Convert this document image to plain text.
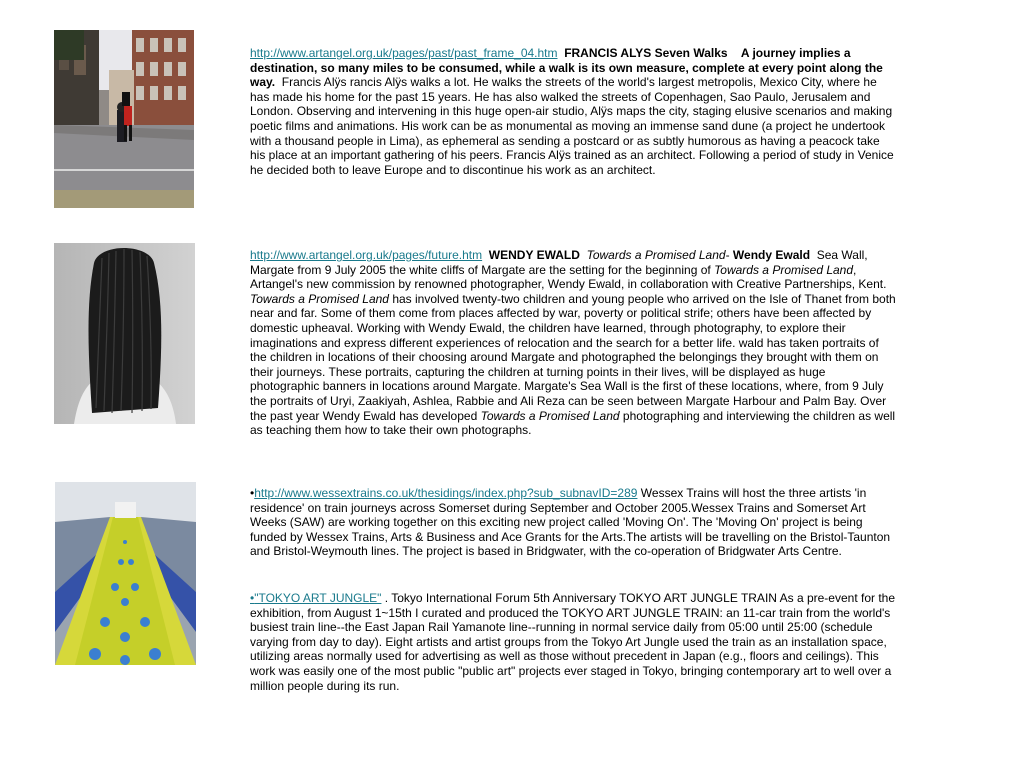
http://www.artangel.org.uk/pages/past/past_frame_04.htm FRANCIS ALYS Seven Walks A journey implies a destination, so many miles to be consumed, while a walk is its own measure, complete at every point along the way. Francis Alÿs rancis Alÿs walks a lot. He walks the streets of the world's largest metropolis, Mexico City, where he has made his home for the past 15 years. He has also walked the streets of Copenhagen, Sao Paulo, Jerusalem and London. Observing and intervening in this huge open-air studio, Alÿs maps the city, staging elusive scenarios and making poetic films and animations. His work can be as monumental as moving an immense sand dune (a project he undertook with a thousand people in Lima), as ephemeral as sending a postcard or as subtly humorous as having a peacock take his place at an important gathering of his peers. Francis Alÿs trained as an architect. Following a period of study in Venice he decided both to leave Europe and to discontinue his work as an architect.
http://www.artangel.org.uk/pages/future.htm WENDY EWALD Towards a Promised Land- Wendy Ewald Sea Wall, Margate from 9 July 2005 the white cliffs of Margate are the setting for the beginning of Towards a Promised Land, Artangel's new commission by renowned photographer, Wendy Ewald, in collaboration with Creative Partnerships, Kent.    Towards a Promised Land has involved twenty-two children and young people who arrived on the Isle of Thanet from both near and far. Some of them come from places affected by war, poverty or political strife; others have been affected by domestic upheaval. Working with Wendy Ewald, the children have learned, through photography, to explore their imaginations and express different experiences of relocation and the search for a better life. wald has taken portraits of the children in locations of their choosing around Margate and photographed the belongings they brought with them on their journeys. These portraits, capturing the children at turning points in their lives, will be displayed as huge photographic banners in locations around Margate. Margate's Sea Wall is the first of these locations, where, from 9 July the portraits of Uryi, Zaakiyah, Ashlea, Rabbie and Ali Reza can be seen between Margate Harbour and Palm Bay. Over the past year Wendy Ewald has developed Towards a Promised Land photographing and interviewing the children as well as teaching them how to take their own photographs.
•http://www.wessextrains.co.uk/thesidings/index.php?sub_subnavID=289 Wessex Trains will host the three artists 'in residence' on train journeys across Somerset during September and October 2005.Wessex Trains and Somerset Art Weeks (SAW) are working together on this exciting new project called 'Moving On'. The 'Moving On' project is being funded by Wessex Trains, Arts & Business and Ace Grants for the Arts.The artists will be travelling on the Bristol-Taunton and Bristol-Weymouth lines. The project is based in Bridgwater, with the co-operation of Bridgwater Arts Centre.
•"TOKYO ART JUNGLE" . Tokyo International Forum 5th Anniversary TOKYO ART JUNGLE TRAIN As a pre-event for the exhibition, from August 1~15th I curated and produced the TOKYO ART JUNGLE TRAIN: an 11-car train from the world's busiest train line--the East Japan Rail Yamanote line--running in normal service daily from 05:00 until 25:00 (schedule varying from day to day). Eight artists and artist groups from the Tokyo Art Jungle used the train as an installation space, utilizing areas normally used for advertising as well as those without precedent in Japan (e.g., floors and ceilings). This work was easily one of the most public "public art" projects ever staged in Tokyo, bringing contemporary art to well over a million people during its run.
